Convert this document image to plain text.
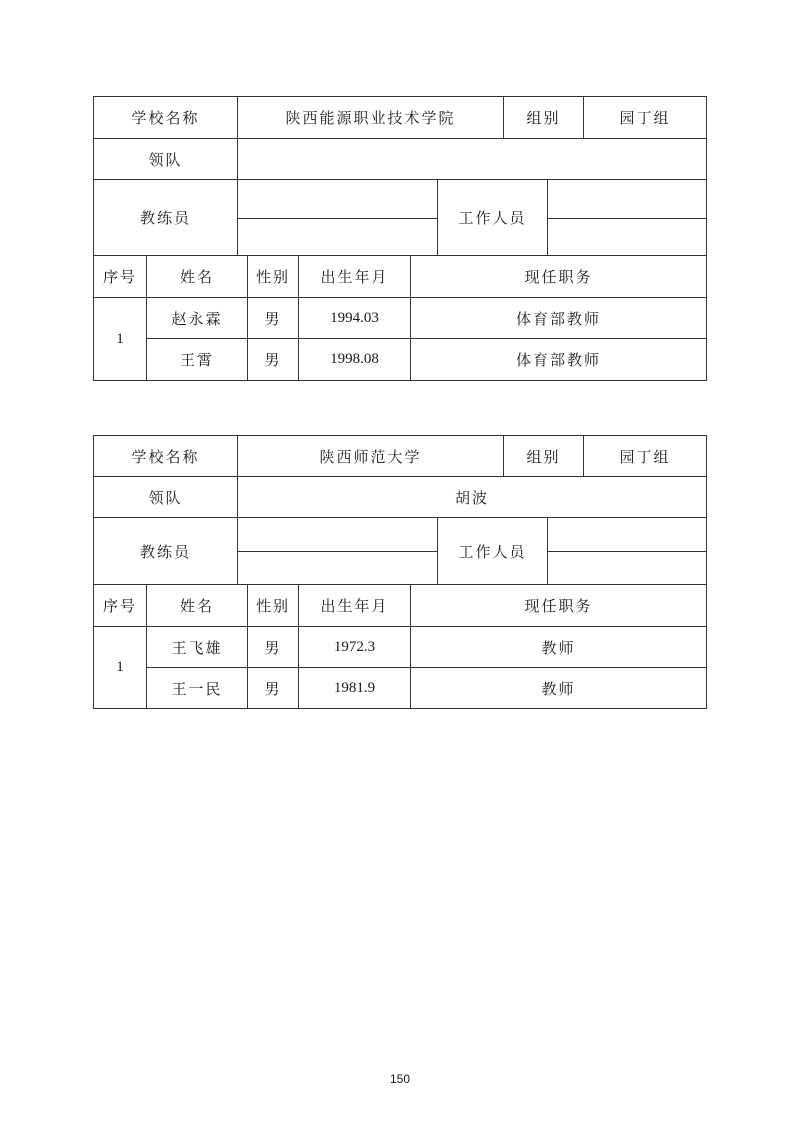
学校名称	陕西能源职业技术学院	组别	园丁组
领队
教练员	工作人员
序号	姓名	性别	出生年月	现任职务
1
赵永霖	男	1994.03	体育部教师
王霄	男	1998.08	体育部教师
学校名称	陕西师范大学	组别	园丁组
领队	胡波
教练员	工作人员
序号	姓名	性别	出生年月	现任职务
1
王飞雄	男	1972.3	教师
王一民	男	1981.9	教师
150
